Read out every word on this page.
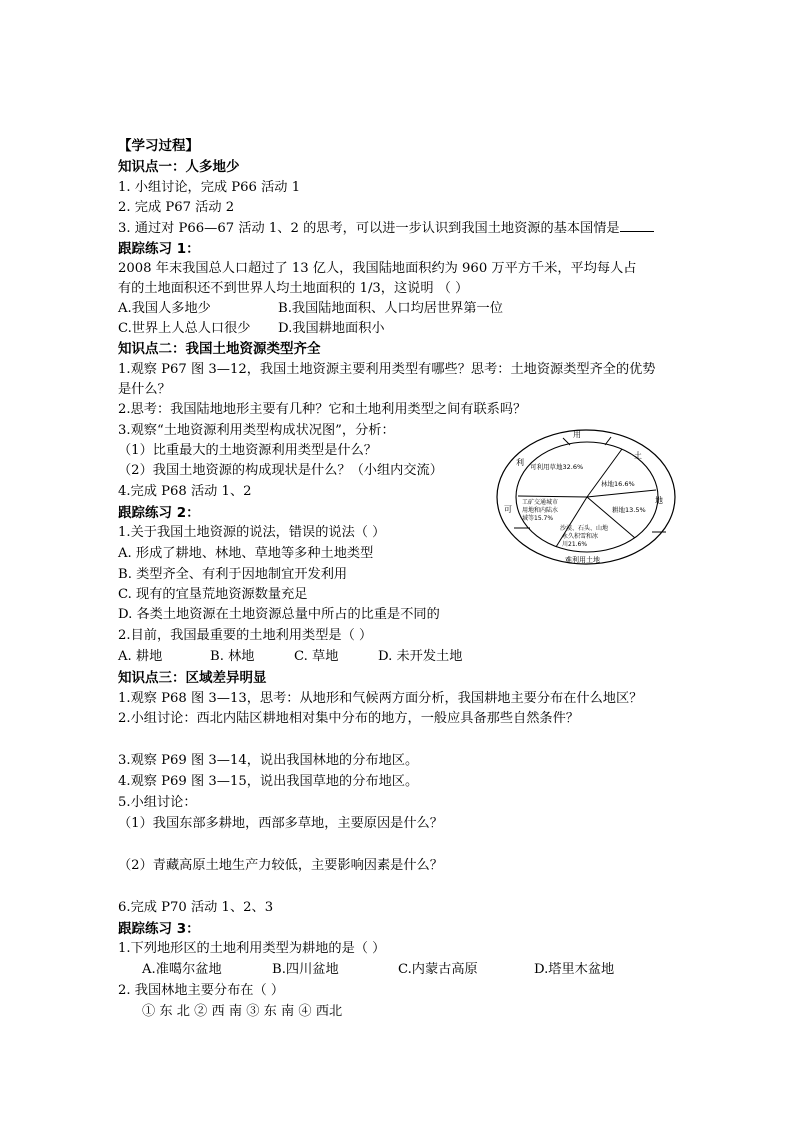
【学习过程】
知识点一：人多地少
1. 小组讨论，完成 P66 活动 1
2. 完成 P67 活动 2
3. 通过对 P66—67 活动 1、2 的思考，可以进一步认识到我国土地资源的基本国情是
跟踪练习 1：
2008 年末我国总人口超过了 13 亿人，我国陆地面积约为 960 万平方千米，平均每人占
有的土地面积还不到世界人均土地面积的 1/3，这说明 （ ）
A.我国人多地少	B.我国陆地面积、人口均居世界第一位
C.世界上人总人口很少 D.我国耕地面积小
知识点二：我国土地资源类型齐全
1.观察 P67 图 3—12，我国土地资源主要利用类型有哪些？思考：土地资源类型齐全的优势
是什么？
2.思考：我国陆地地形主要有几种？它和土地利用类型之间有联系吗？
3.观察“土地资源利用类型构成状况图”，分析：
（1）比重最大的土地资源利用类型是什么？
（2）我国土地资源的构成现状是什么？（小组内交流）
4.完成 P68 活动 1、2
跟踪练习 2：
1.关于我国土地资源的说法，错误的说法（ ）
A. 形成了耕地、林地、草地等多种土地类型
B. 类型齐全、有利于因地制宜开发利用
C. 现有的宜垦荒地资源数量充足
D. 各类土地资源在土地资源总量中所占的比重是不同的
2.目前，我国最重要的土地利用类型是（ ）
A. 耕地	B. 林地	C. 草地	D. 未开发土地
知识点三：区域差异明显
1.观察 P68 图 3—13，思考：从地形和气候两方面分析，我国耕地主要分布在什么地区？
2.小组讨论：西北内陆区耕地相对集中分布的地方，一般应具备那些自然条件？
3.观察 P69 图 3—14，说出我国林地的分布地区。
4.观察 P69 图 3—15，说出我国草地的分布地区。
5.小组讨论：
（1）我国东部多耕地，西部多草地，主要原因是什么？
（2）青藏高原土地生产力较低，主要影响因素是什么？
6.完成 P70 活动 1、2、3
跟踪练习 3：
1.下列地形区的土地利用类型为耕地的是（ ）
A.准噶尔盆地	B.四川盆地	C.内蒙古高原	D.塔里木盆地
2. 我国林地主要分布在（ ）
① 东 北 ② 西 南 ③ 东 南 ④ 西北
用
利
土
地
可
难利用土地
可利用草地32.6%
林地16.6%
耕地13.5%
工矿交通城市
用地和内陆水
域等15.7%
沙漠、石头、山地
永久积雪和冰
川21.6%
